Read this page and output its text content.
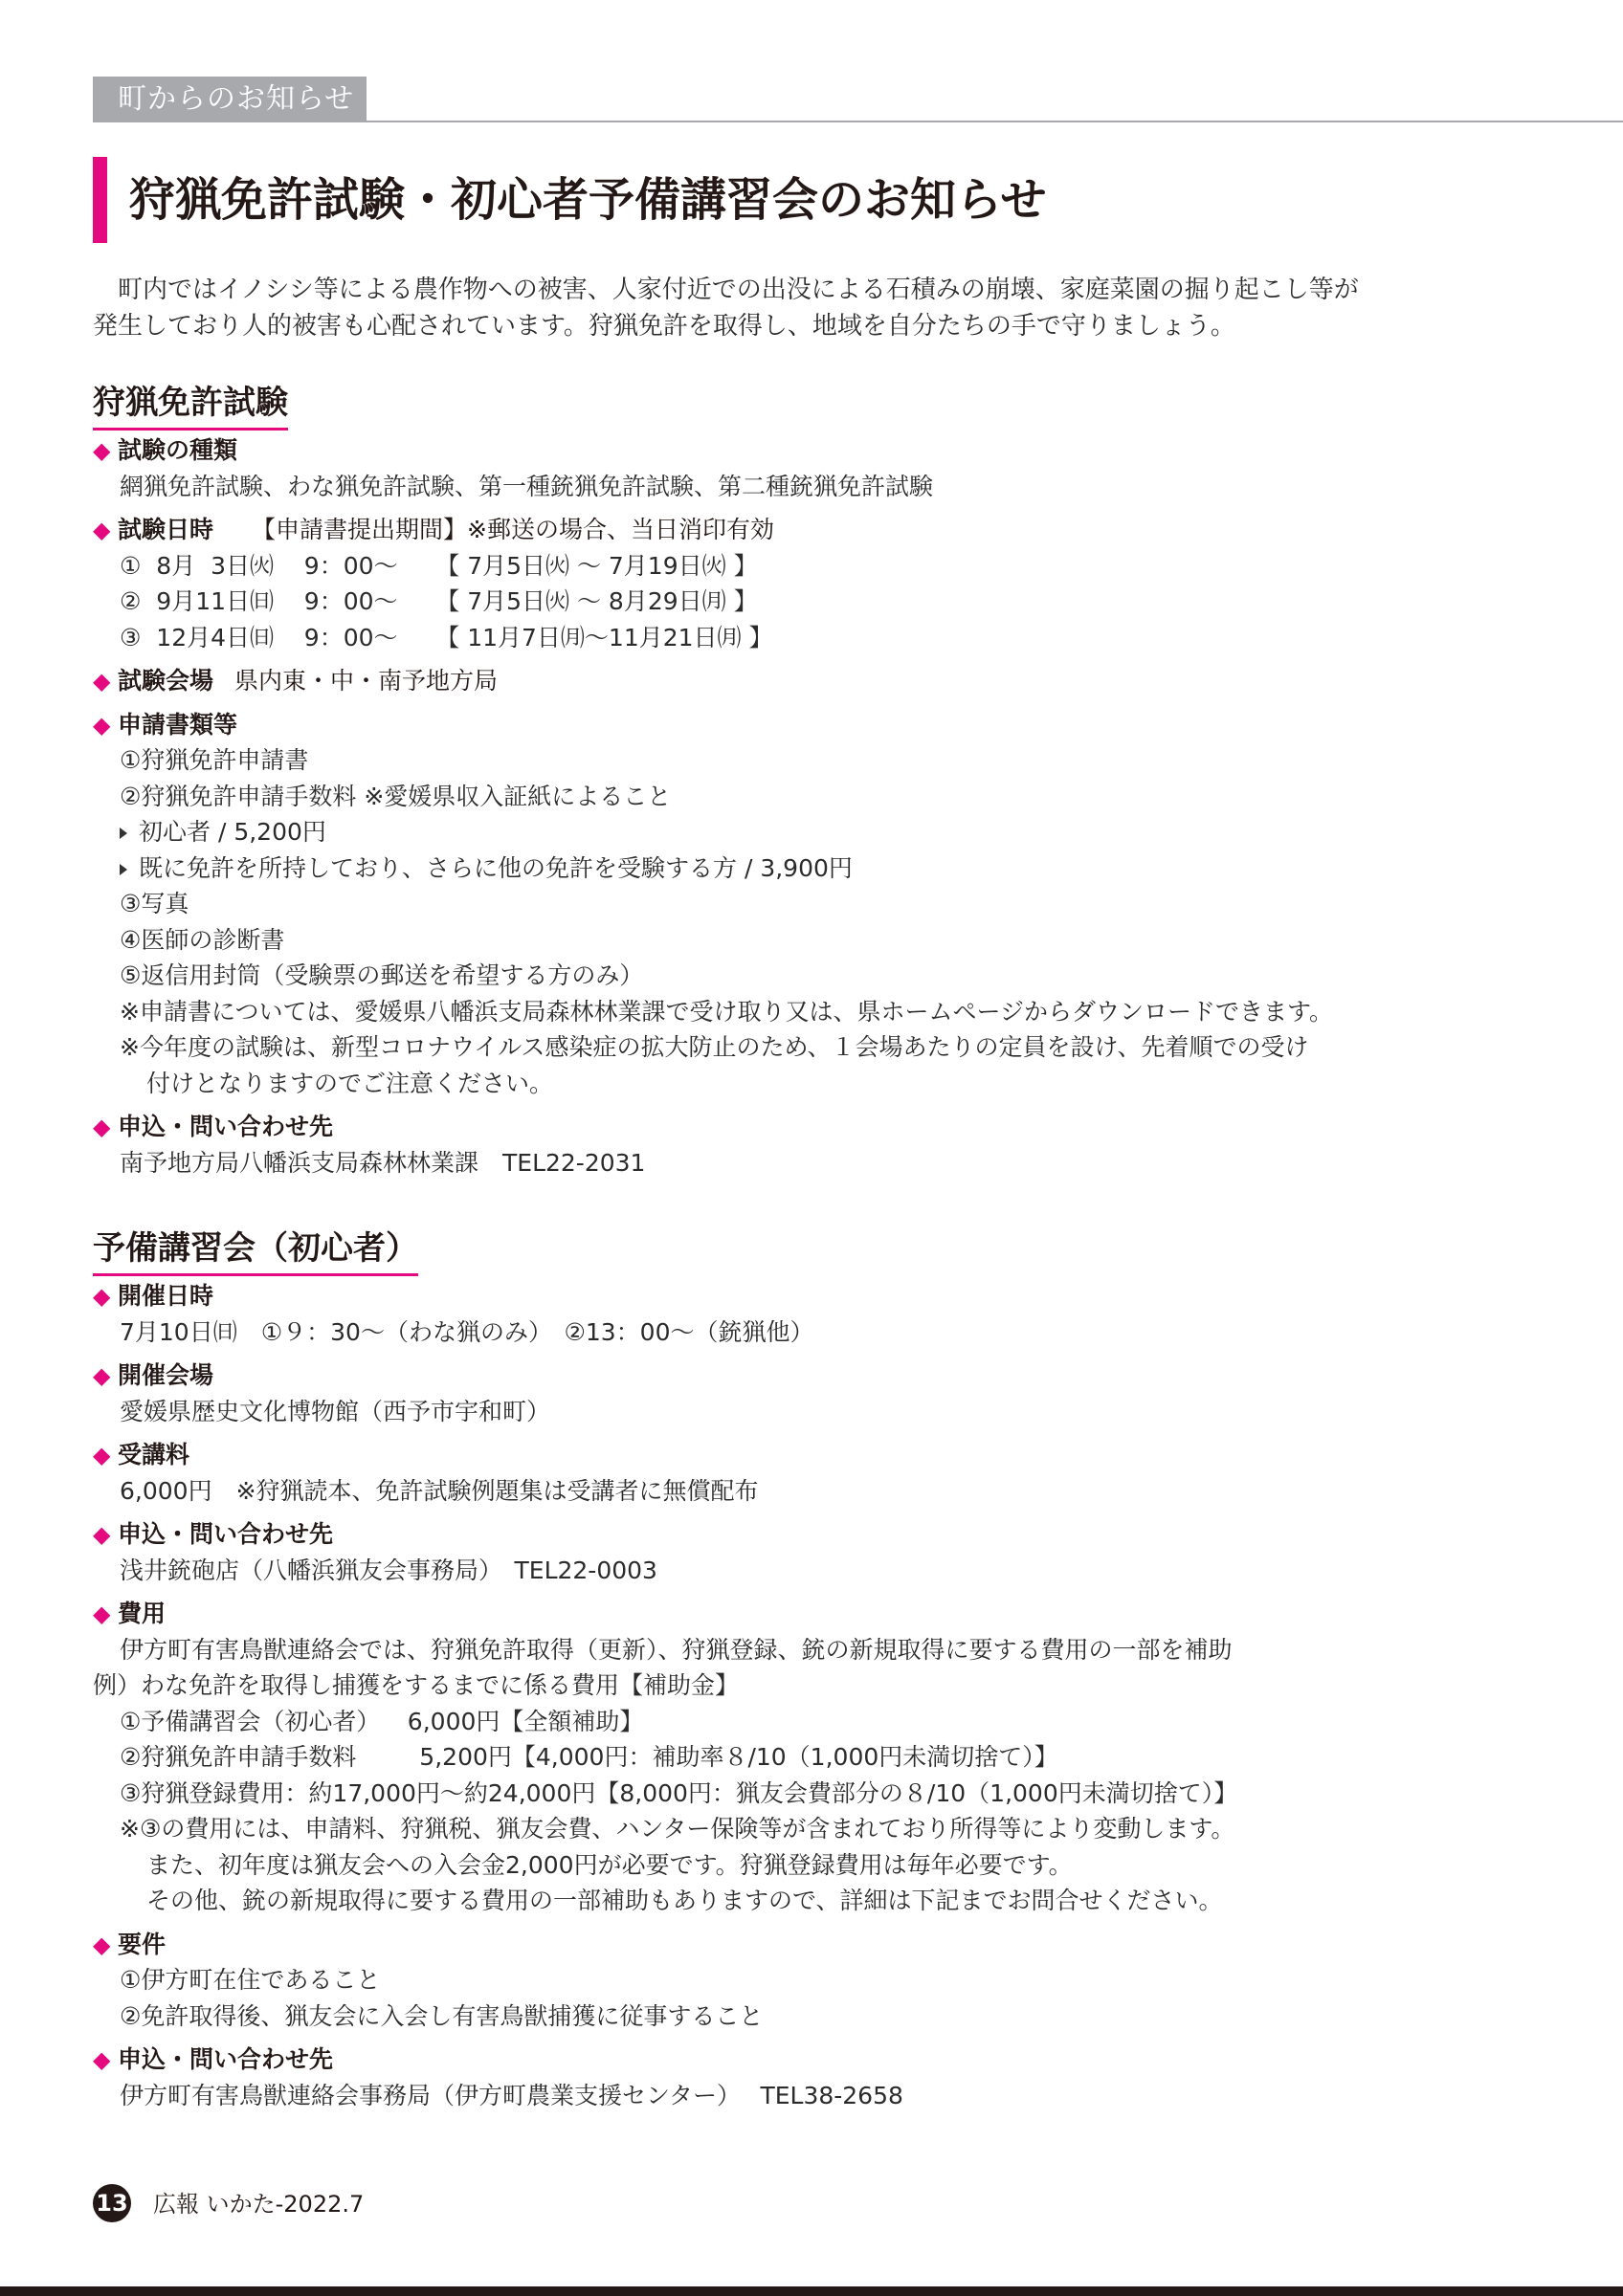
町からのお知らせ
狩猟免許試験・初心者予備講習会のお知らせ

町内ではイノシシ等による農作物への被害、人家付近での出没による石積みの崩壊、家庭菜園の掘り起こし等が

発生しており人的被害も心配されています。狩猟免許を取得し、地域を自分たちの手で守りましょう。

狩猟免許試験
◆ 試験の種類
網猟免許試験、わな猟免許試験、第一種銃猟免許試験、第二種銃猟免許試験
◆ 試験日時 【申請書提出期間】※郵送の場合、当日消印有効
①  8月  3日㈫    9：00～     【 7月5日㈫ ～ 7月19日㈫ 】
②  9月11日㈰    9：00～     【 7月5日㈫ ～ 8月29日㈪ 】
③  12月4日㈰    9：00～     【 11月7日㈪～11月21日㈪ 】
◆ 試験会場 県内東・中・南予地方局
◆ 申請書類等
①狩猟免許申請書
②狩猟免許申請手数料 ※愛媛県収入証紙によること
初心者 / 5,200円
既に免許を所持しており、さらに他の免許を受験する方 / 3,900円
③写真
④医師の診断書
⑤返信用封筒（受験票の郵送を希望する方のみ）
※申請書については、愛媛県八幡浜支局森林林業課で受け取り又は、県ホームページからダウンロードできます。
※今年度の試験は、新型コロナウイルス感染症の拡大防止のため、１会場あたりの定員を設け、先着順での受け
付けとなりますのでご注意ください。
◆ 申込・問い合わせ先
南予地方局八幡浜支局森林林業課　TEL22-2031
予備講習会（初心者）
◆ 開催日時
7月10日㈰　①９：30～（わな猟のみ）　②13：00～（銃猟他）
◆ 開催会場
愛媛県歴史文化博物館（西予市宇和町）
◆ 受講料
6,000円　※狩猟読本、免許試験例題集は受講者に無償配布
◆ 申込・問い合わせ先
浅井銃砲店（八幡浜猟友会事務局）　TEL22-0003
◆ 費用
伊方町有害鳥獣連絡会では、狩猟免許取得（更新）、狩猟登録、銃の新規取得に要する費用の一部を補助
例）わな免許を取得し捕獲をするまでに係る費用【補助金】
①予備講習会（初心者）　  6,000円【全額補助】
②狩猟免許申請手数料　　  5,200円【4,000円：補助率８/10（1,000円未満切捨て）】
③狩猟登録費用：約17,000円～約24,000円【8,000円：猟友会費部分の８/10（1,000円未満切捨て）】
※③の費用には、申請料、狩猟税、猟友会費、ハンター保険等が含まれており所得等により変動します。
また、初年度は猟友会への入会金2,000円が必要です。狩猟登録費用は毎年必要です。
その他、銃の新規取得に要する費用の一部補助もありますので、詳細は下記までお問合せください。
◆ 要件
①伊方町在住であること
②免許取得後、猟友会に入会し有害鳥獣捕獲に従事すること
◆ 申込・問い合わせ先
伊方町有害鳥獣連絡会事務局（伊方町農業支援センター）　 TEL38-2658
13 広報 いかた-2022.7
